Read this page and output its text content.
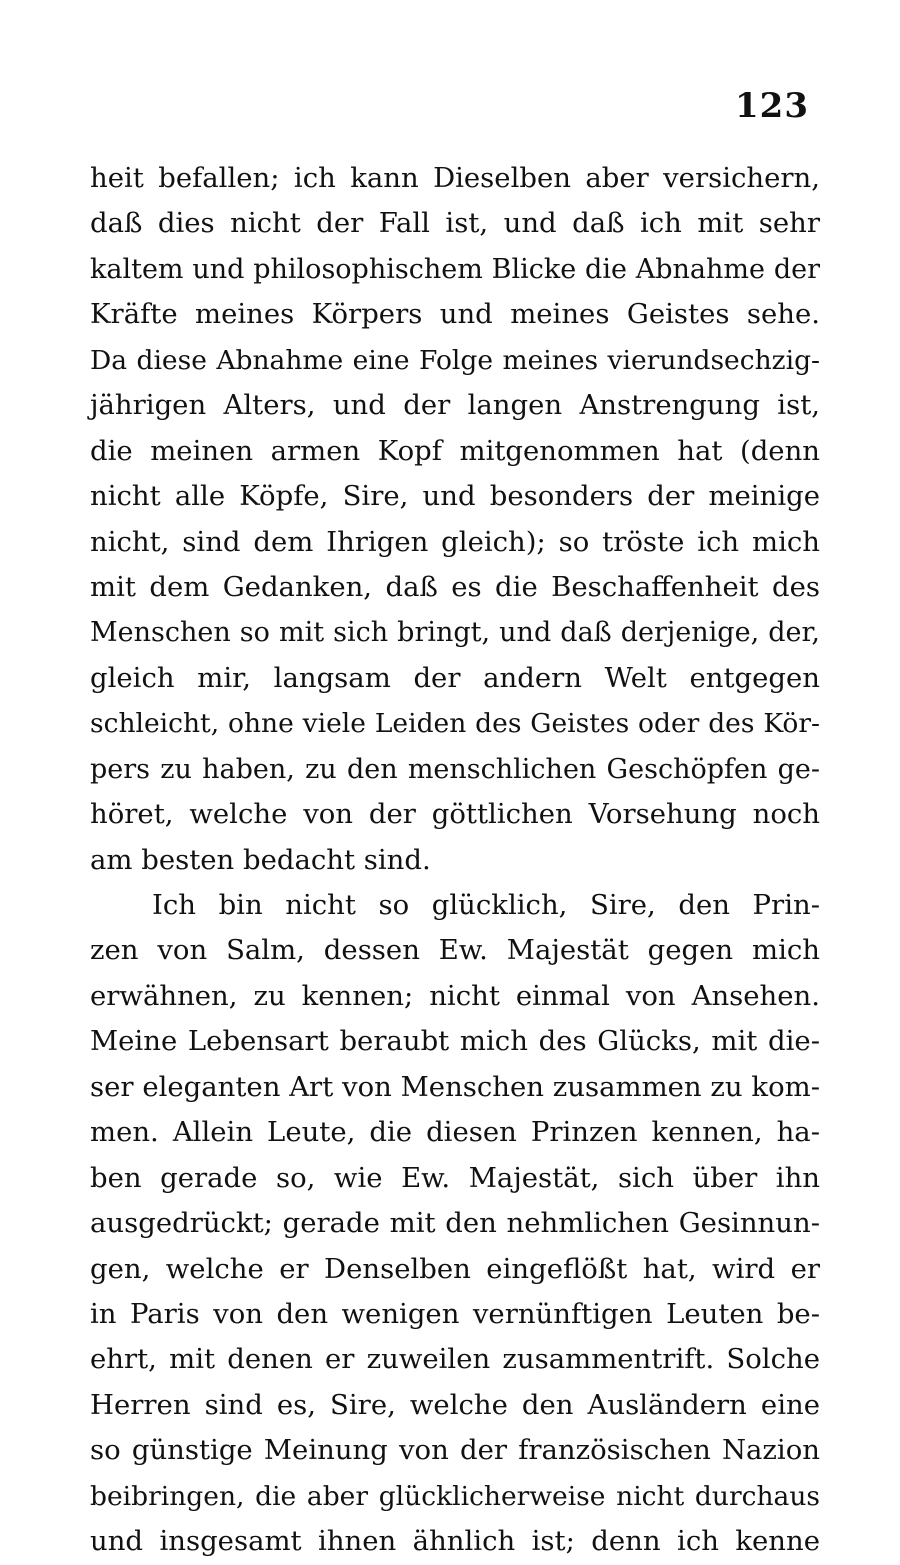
123
heit befallen; ich kann Dieselben aber versichern,
daß dies nicht der Fall ist, und daß ich mit sehr
kaltem und philosophischem Blicke die Abnahme der
Kräfte meines Körpers und meines Geistes sehe.
Da diese Abnahme eine Folge meines vierundsechzig-
jährigen Alters, und der langen Anstrengung ist,
die meinen armen Kopf mitgenommen hat (denn
nicht alle Köpfe, Sire, und besonders der meinige
nicht, sind dem Ihrigen gleich); so tröste ich mich
mit dem Gedanken, daß es die Beschaffenheit des
Menschen so mit sich bringt, und daß derjenige, der,
gleich mir, langsam der andern Welt entgegen
schleicht, ohne viele Leiden des Geistes oder des Kör-
pers zu haben, zu den menschlichen Geschöpfen ge-
höret, welche von der göttlichen Vorsehung noch
am besten bedacht sind.
Ich bin nicht so glücklich, Sire, den Prin-
zen von Salm, dessen Ew. Majestät gegen mich
erwähnen, zu kennen; nicht einmal von Ansehen.
Meine Lebensart beraubt mich des Glücks, mit die-
ser eleganten Art von Menschen zusammen zu kom-
men. Allein Leute, die diesen Prinzen kennen, ha-
ben gerade so, wie Ew. Majestät, sich über ihn
ausgedrückt; gerade mit den nehmlichen Gesinnun-
gen, welche er Denselben eingeflößt hat, wird er
in Paris von den wenigen vernünftigen Leuten be-
ehrt, mit denen er zuweilen zusammentrift. Solche
Herren sind es, Sire, welche den Ausländern eine
so günstige Meinung von der französischen Nazion
beibringen, die aber glücklicherweise nicht durchaus
und insgesamt ihnen ähnlich ist; denn ich kenne
